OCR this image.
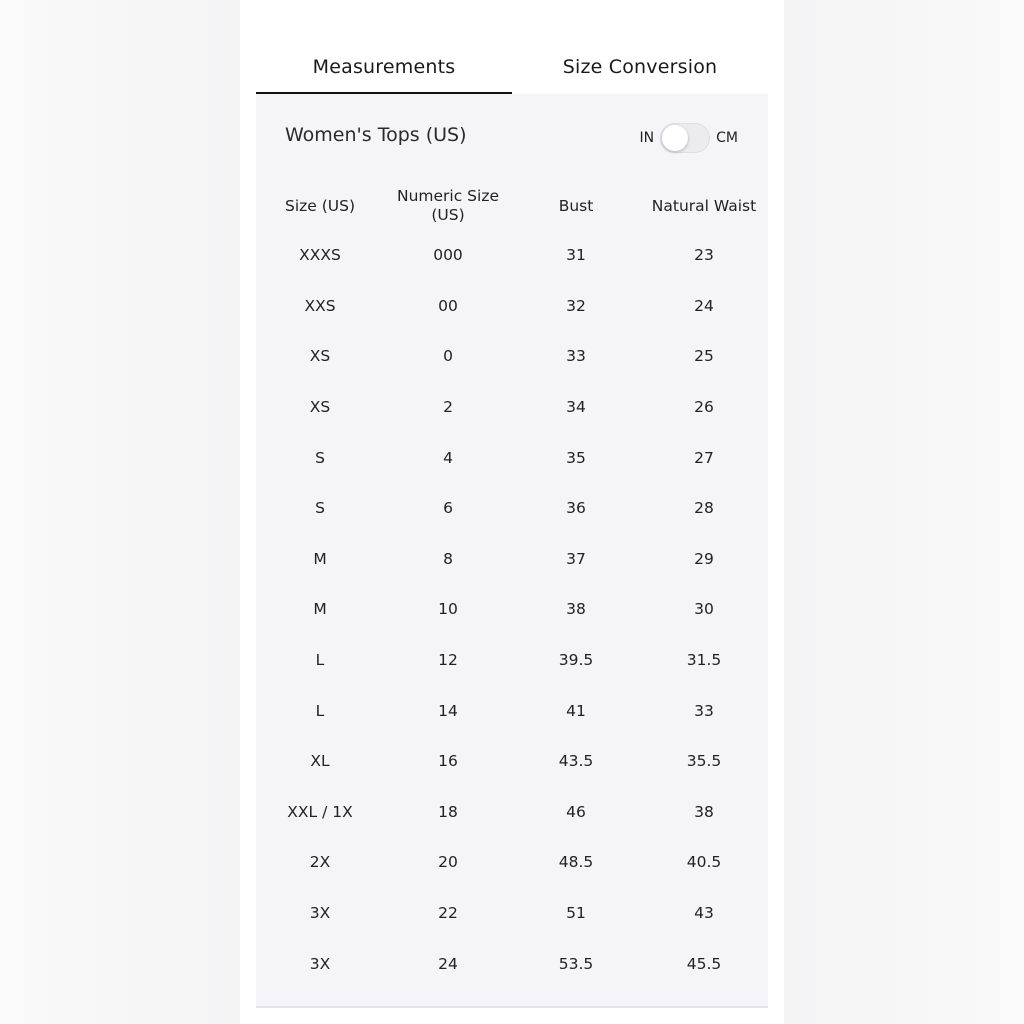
Measurements	Size Conversion
Women's Tops (US)	IN	CM
Size (US)	Numeric Size (US)	Bust	Natural Waist
XXXS	000	31	23
XXS	00	32	24
XS	0	33	25
XS	2	34	26
S	4	35	27
S	6	36	28
M	8	37	29
M	10	38	30
L	12	39.5	31.5
L	14	41	33
XL	16	43.5	35.5
XXL / 1X	18	46	38
2X	20	48.5	40.5
3X	22	51	43
3X	24	53.5	45.5
